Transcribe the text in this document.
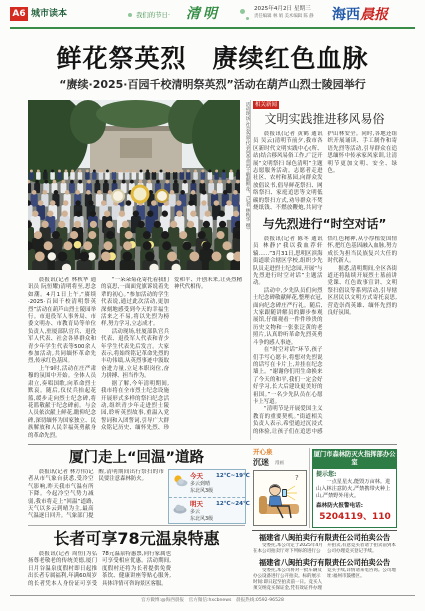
A6 城市读本	我们的节日· 清明	2025年4月2日 星期三
责任编辑 林 娟 美术编辑 陈 静 海西晨报
鲜花祭英烈　赓续红色血脉
“赓续·2025·百园千校清明祭英烈”活动在葫芦山烈士陵园举行
活动现场,社会各界代表向革命烈士敬献鲜花。(记者 林秋华 摄)

晨报讯(记者 林秋华 通讯员 阮恒耀)清明将至,思念如潮。4月1日上午,“赓续·2025·百园千校清明祭英烈”活动在葫芦山烈士陵园举行。市退役军人事务局、市委文明办、市教育局等单位负责人,驻厦部队官兵、退役军人代表、社会各界群众和青少年学生代表等500余人参加活动,共同缅怀革命先烈,传承红色基因。

上午9时,活动在庄严肃穆的氛围中开始。全体人员肃立,奏唱国歌,向革命烈士默哀。随后,仪仗兵抬起花篮,缓步走向烈士纪念碑,将花篮敬献于纪念碑前。与会人员依次献上鲜花,瞻仰纪念碑,深切缅怀为国家独立、民族解放和人民幸福英勇献身的革命先烈。

“一朵朵菊花寄托着我们的哀思,一面面党旗诉说着先辈的初心。”参加活动的学生代表说,通过此次活动,更加深刻地感受到今天的幸福生活来之不易,将以先烈为榜样,努力学习,立志成才。

活动现场,驻厦部队官兵代表、退役军人代表和青少年学生代表先后发言。大家表示,将始终铭记革命先烈的丰功伟绩,从英烈事迹中汲取奋进力量,立足本职岗位,奋力拼搏、担当作为。

据了解,今年清明期间,我市将在全市烈士纪念设施开展形式多样的祭扫纪念活动,组织青少年走进烈士陵园,聆听英烈故事,重温入党誓词和入团誓词,引导广大群众铭记历史、缅怀先烈、珍爱和平、开创未来,让英烈精神代代相传。

相关新闻
文明实践推进移风易俗

晨报讯(记者 黄鹤 通讯员 吴云)清明节前夕,我市各区新时代文明实践中心(所、站)结合移风易俗工作,广泛开展“文明祭扫 绿色清明”主题志愿服务活动。志愿者走进社区、农村和墓园,向群众发放倡议书,倡导鲜花祭扫、网络祭扫、家庭追思等文明低碳的祭扫方式,劝导群众不焚烧纸钱、不燃放鞭炮,共同守护山林安全。同时,各地还组织开展诵读、手工制作和寄语先烈等活动,引导群众在追思缅怀中传承家风家训,让清明节更加文明、安全、绿色。

与先烈进行“时空对话”

晨报讯(记者 陈冬 通讯员 林静)“我以我血荐轩辕……”3月31日,思明区滨海街道联合辖区学校,组织少先队员走进烈士纪念园,开展“与先烈进行时空对话”主题活动。

活动中,少先队员们向烈士纪念碑敬献鲜花,整理衣冠,面向纪念碑庄严行礼。随后,大家跟随讲解员的脚步参观展馆,仔细观看一件件珍贵的历史文物和一张张泛黄的老照片,认真聆听革命先烈英勇斗争的感人事迹。

在“时空对话”环节,孩子们手写心愿卡,将想对先烈说的话写在卡片上,并挂在纪念墙上。“谢谢你们用生命换来了今天的和平,我们一定会好好学习,长大后建设更美好的祖国。”一名少先队员在心愿卡上写道。

“清明节是开展爱国主义教育的重要契机。”街道相关负责人表示,希望通过沉浸式的体验,让孩子们在追思中感悟红色精神,从小厚植爱国情怀,把红色基因融入血脉,努力成长为担当民族复兴大任的时代新人。

据悉,清明期间,全区各街道还将陆续开展烈士墓前讲党课、红色故事宣讲、文明祭扫倡议等系列活动,引导辖区居民以文明方式寄托哀思,营造崇尚英雄、缅怀先烈的良好氛围。

厦门走上“回温”道路

晨报讯(记者 林方伟)记者从市气象台获悉,受冷空气影响,昨天我市气温有所下降。今起冷空气势力减弱,我市将走上“回温”道路,天气以多云到晴为主,最高气温逐日回升。气象部门提醒,清明期间出行祭扫的市民要注意森林防火。	今天 12℃~19℃
多云到晴
东北风3级
明天 12℃~24℃
多云
东北风3级
长者可享78元温泉特惠

晨报讯(记者 周恒)为弘扬尊老敬老的传统美德,厦门日月谷温泉度假村即日起推出长者专属福利,年满60周岁的长者凭本人身份证可享受78元温泉特惠票,同行家属也可享受相应优惠。活动期间,度假村还将为长者提供免费茶饮、健康讲座等贴心服务,具体详情可咨询景区客服。

开心泉
沉迷 漫画
?
厦门市森林防灭火指挥部办公室
提示您:
一点星星火,能毁万亩林。进山入林注意防火,严禁携带火种上山,严禁野外用火。
森林防火报警电话:
5204119、110
福建省八闽拍卖行有限责任公司拍卖公告

受委托,本公司定于2025年4月在本公司拍卖厅对下列标的进行公开拍卖,有意竞买者请于拍卖前到本公司办理竞买登记手续。

福建省八闽拍卖行有限责任公司拍卖公告

受委托,本公司将对一批车辆及办公设备进行公开拍卖。标的展示时间:即日起至拍卖前一日。竞买人须交纳竞买保证金,凭有效证件办理竞买手续,详情请来电咨询。公司地址:福州市鼓楼区。

官方微博:@海西晨报　官方微信:hxcbnews　晨报热线:0592-96528
